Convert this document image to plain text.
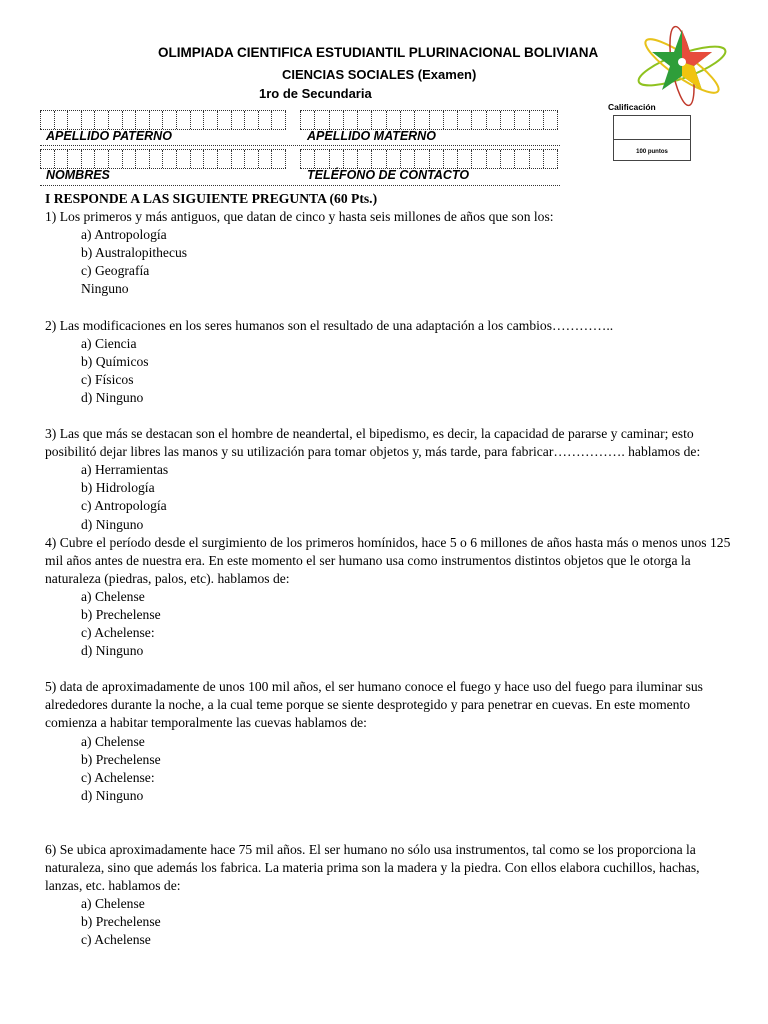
OLIMPIADA CIENTIFICA ESTUDIANTIL PLURINACIONAL BOLIVIANA
CIENCIAS SOCIALES (Examen)
1ro de Secundaria
Calificación
100 puntos
APELLIDO PATERNO	APELLIDO MATERNO
NOMBRES	TELÉFONO DE CONTACTO
I RESPONDE A LAS SIGUIENTE PREGUNTA (60 Pts.)

1) Los primeros y más antiguos, que datan de cinco y hasta seis millones de años que son los:

a) Antropología

b) Australopithecus

c) Geografía

Ninguno

2) Las modificaciones en los seres humanos son el resultado de una adaptación a los cambios…………..

a) Ciencia

b) Químicos

c) Físicos

d) Ninguno

3) Las que más se destacan son el hombre de neandertal, el bipedismo, es decir, la capacidad de pararse y caminar; esto posibilitó dejar libres las manos y su utilización para tomar objetos y, más tarde, para fabricar……………. hablamos de:

a) Herramientas

b) Hidrología

c) Antropología

d) Ninguno

4) Cubre el período desde el surgimiento de los primeros homínidos, hace 5 o 6 millones de años hasta más o menos unos 125 mil años antes de nuestra era. En este momento el ser humano usa como instrumentos distintos objetos que le otorga la naturaleza (piedras, palos, etc). hablamos de:

a) Chelense

b) Prechelense

c) Achelense:

d) Ninguno

5) data de aproximadamente de unos 100 mil años, el ser humano conoce el fuego y hace uso del fuego para iluminar sus alrededores durante la noche, a la cual teme porque se siente desprotegido y para penetrar en cuevas. En este momento comienza a habitar temporalmente las cuevas hablamos de:

a) Chelense

b) Prechelense

c) Achelense:

d) Ninguno

6) Se ubica aproximadamente hace 75 mil años. El ser humano no sólo usa instrumentos, tal como se los proporciona la naturaleza, sino que además los fabrica. La materia prima son la madera y la piedra. Con ellos elabora cuchillos, hachas, lanzas, etc. hablamos de:

a) Chelense

b) Prechelense

c) Achelense
